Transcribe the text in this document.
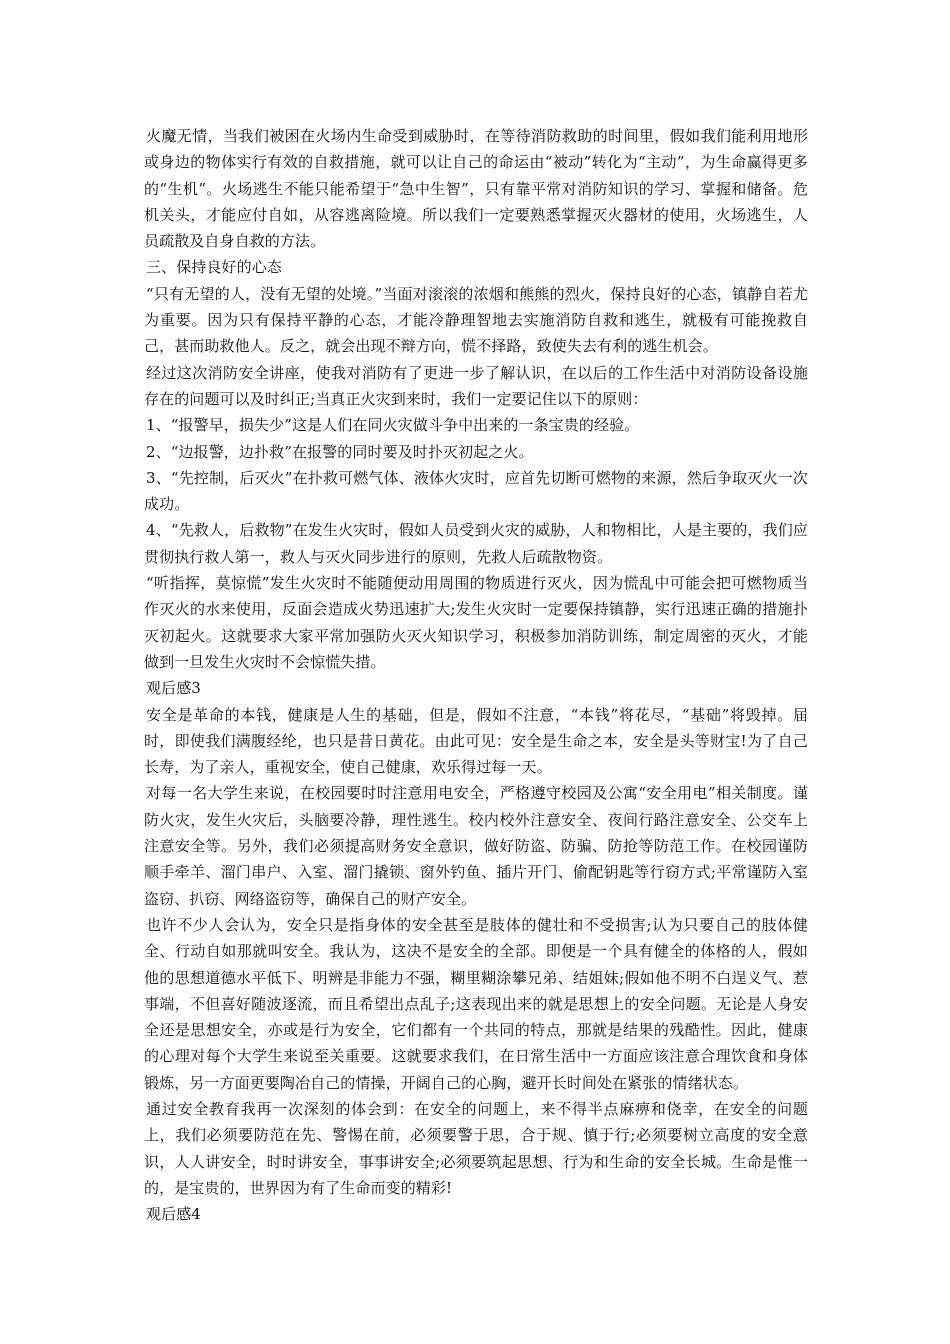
火魔无情，当我们被困在火场内生命受到威胁时，在等待消防救助的时间里，假如我们能利用地形或身边的物体实行有效的自救措施，就可以让自己的命运由“被动”转化为“主动”，为生命赢得更多的“生机”。火场逃生不能只能希望于“急中生智”，只有靠平常对消防知识的学习、掌握和储备。危机关头，才能应付自如，从容逃离险境。所以我们一定要熟悉掌握灭火器材的使用，火场逃生，人员疏散及自身自救的方法。

三、保持良好的心态

“只有无望的人，没有无望的处境。”当面对滚滚的浓烟和熊熊的烈火，保持良好的心态，镇静自若尤为重要。因为只有保持平静的心态，才能冷静理智地去实施消防自救和逃生，就极有可能挽救自己，甚而助救他人。反之，就会出现不辩方向，慌不择路，致使失去有利的逃生机会。

经过这次消防安全讲座，使我对消防有了更进一步了解认识，在以后的工作生活中对消防设备设施存在的问题可以及时纠正;当真正火灾到来时，我们一定要记住以下的原则：

1、“报警早，损失少”这是人们在同火灾做斗争中出来的一条宝贵的经验。

2、“边报警，边扑救”在报警的同时要及时扑灭初起之火。

3、“先控制，后灭火”在扑救可燃气体、液体火灾时，应首先切断可燃物的来源，然后争取灭火一次成功。

4、“先救人，后救物”在发生火灾时，假如人员受到火灾的威胁，人和物相比，人是主要的，我们应贯彻执行救人第一，救人与灭火同步进行的原则，先救人后疏散物资。

“听指挥，莫惊慌”发生火灾时不能随便动用周围的物质进行灭火，因为慌乱中可能会把可燃物质当作灭火的水来使用，反面会造成火势迅速扩大;发生火灾时一定要保持镇静，实行迅速正确的措施扑灭初起火。这就要求大家平常加强防火灭火知识学习，积极参加消防训练，制定周密的灭火，才能做到一旦发生火灾时不会惊慌失措。

观后感3

安全是革命的本钱，健康是人生的基础，但是，假如不注意，“本钱”将花尽，“基础”将毁掉。届时，即使我们满腹经纶，也只是昔日黄花。由此可见：安全是生命之本，安全是头等财宝!为了自己长寿，为了亲人，重视安全，使自己健康，欢乐得过每一天。

对每一名大学生来说，在校园要时时注意用电安全，严格遵守校园及公寓“安全用电”相关制度。谨防火灾，发生火灾后，头脑要冷静，理性逃生。校内校外注意安全、夜间行路注意安全、公交车上注意安全等。另外，我们必须提高财务安全意识，做好防盗、防骗、防抢等防范工作。在校园谨防顺手牵羊、溜门串户、入室、溜门撬锁、窗外钓鱼、插片开门、偷配钥匙等行窃方式;平常谨防入室盗窃、扒窃、网络盗窃等，确保自己的财产安全。

也许不少人会认为，安全只是指身体的安全甚至是肢体的健壮和不受损害;认为只要自己的肢体健全、行动自如那就叫安全。我认为，这决不是安全的全部。即便是一个具有健全的体格的人，假如他的思想道德水平低下、明辨是非能力不强，糊里糊涂攀兄弟、结姐妹;假如他不明不白逞义气、惹事端，不但喜好随波逐流，而且希望出点乱子;这表现出来的就是思想上的安全问题。无论是人身安全还是思想安全，亦或是行为安全，它们都有一个共同的特点，那就是结果的残酷性。因此，健康的心理对每个大学生来说至关重要。这就要求我们，在日常生活中一方面应该注意合理饮食和身体锻炼，另一方面更要陶冶自己的情操，开阔自己的心胸，避开长时间处在紧张的情绪状态。

通过安全教育我再一次深刻的体会到：在安全的问题上，来不得半点麻痹和侥幸，在安全的问题上，我们必须要防范在先、警惕在前，必须要警于思，合于规、慎于行;必须要树立高度的安全意识，人人讲安全，时时讲安全，事事讲安全;必须要筑起思想、行为和生命的安全长城。生命是惟一的，是宝贵的，世界因为有了生命而变的精彩!

观后感4
